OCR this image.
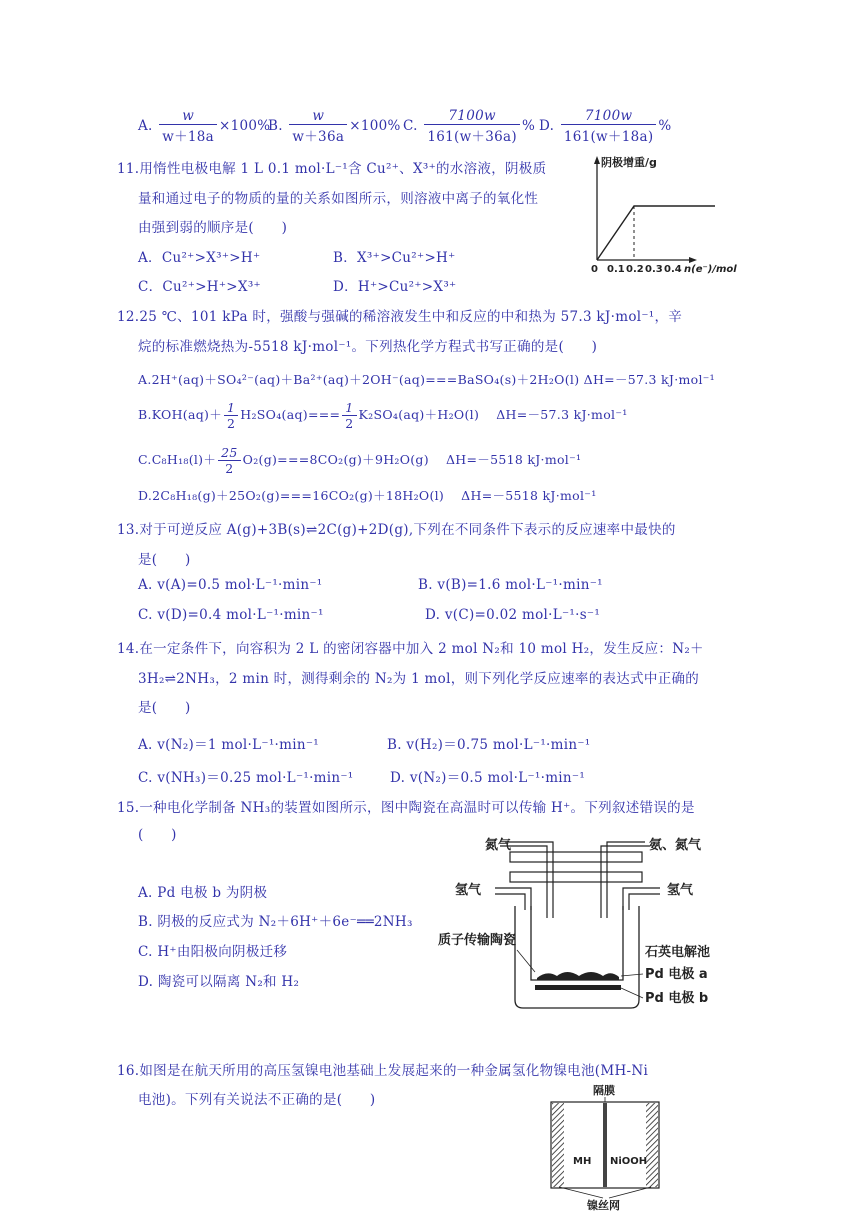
A. $\frac{w}{w+18a} \times 100\%$
B. $\frac{w}{w+36a} \times 100\%$ C. $\frac{7100w}{161(w+36a)}$ % D. $\frac{7100w}{161(w+18a)}$ %
11.用惰性电极电解 1 L 0.1 mol·L⁻¹含 Cu²⁺、X³⁺的水溶液，阴极质
量和通过电子的物质的量的关系如图所示，则溶液中离子的氧化性
由强到弱的顺序是(　　)
A．Cu²⁺>X³⁺>H⁺	B．X³⁺>Cu²⁺>H⁺
C．Cu²⁺>H⁺>X³⁺	D．H⁺>Cu²⁺>X³⁺
阴极增重/g
0 0.1 0.2 0.3 0.4 n(e⁻)/mol
12.25 ℃、101 kPa 时，强酸与强碱的稀溶液发生中和反应的中和热为 57.3 kJ·mol⁻¹，辛
烷的标准燃烧热为-5518 kJ·mol⁻¹。下列热化学方程式书写正确的是(　　)
A.2H⁺(aq)＋SO₄²⁻(aq)＋Ba²⁺(aq)＋2OH⁻(aq)===BaSO₄(s)＋2H₂O(l) ΔH=－57.3 kJ·mol⁻¹
$B.KOH(aq)+ \frac{1}{2} H_2SO_4(aq)=== \frac{1}{2} K_2SO_4(aq)+H_2O(l)$　 ΔH=－57.3 kJ·mol⁻¹
$C.C_8H_{18}(l)+ \frac{25}{2} O_2(g)===8CO_2(g)+9H_2O(g)$　 ΔH=－5518 kJ·mol⁻¹
D.2C₈H₁₈(g)＋25O₂(g)===16CO₂(g)＋18H₂O(l)　 ΔH=－5518 kJ·mol⁻¹
13.对于可逆反应 A(g)+3B(s)⇌2C(g)+2D(g),下列在不同条件下表示的反应速率中最快的
是(　　)
A. v(A)=0.5 mol·L⁻¹·min⁻¹	B. v(B)=1.6 mol·L⁻¹·min⁻¹
C. v(D)=0.4 mol·L⁻¹·min⁻¹	D. v(C)=0.02 mol·L⁻¹·s⁻¹
14.在一定条件下，向容积为 2 L 的密闭容器中加入 2 mol N₂和 10 mol H₂，发生反应：N₂＋
3H₂⇌2NH₃，2 min 时，测得剩余的 N₂为 1 mol，则下列化学反应速率的表达式中正确的
是(　　)
A. v(N₂)＝1 mol·L⁻¹·min⁻¹	B. v(H₂)＝0.75 mol·L⁻¹·min⁻¹
C. v(NH₃)＝0.25 mol·L⁻¹·min⁻¹	D. v(N₂)＝0.5 mol·L⁻¹·min⁻¹
15.一种电化学制备 NH₃的装置如图所示，图中陶瓷在高温时可以传输 H⁺。下列叙述错误的是
(　　)
A. Pd 电极 b 为阴极
B. 阴极的反应式为 N₂＋6H⁺＋6e⁻══2NH₃
C. H⁺由阳极向阴极迁移
D. 陶瓷可以隔离 N₂和 H₂
氮气	氨、氮气
氢气	氢气
质子传输陶瓷
石英电解池
Pd 电极 a
Pd 电极 b
16.如图是在航天所用的高压氢镍电池基础上发展起来的一种金属氢化物镍电池(MH-Ni
电池)。下列有关说法不正确的是(　　)
隔膜
MH NiOOH
镍丝网
